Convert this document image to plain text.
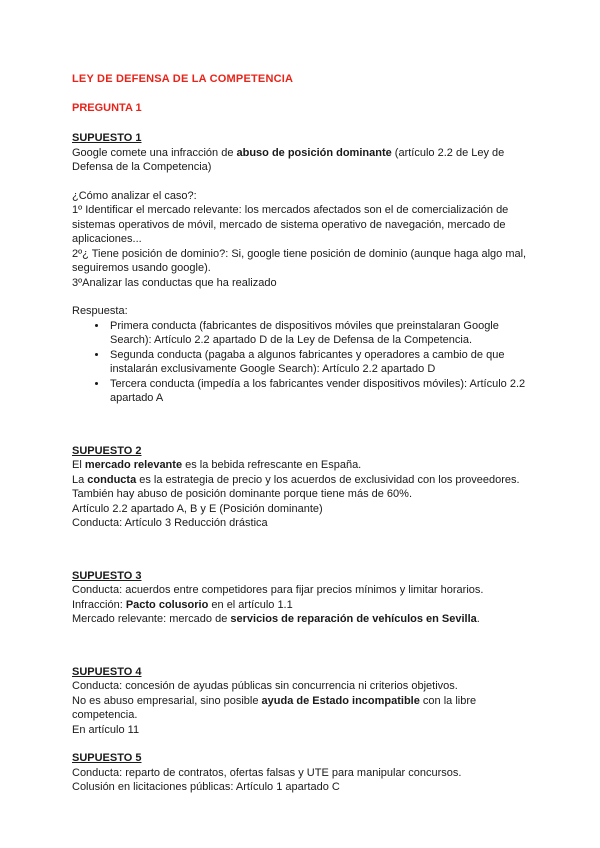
LEY DE DEFENSA DE LA COMPETENCIA
PREGUNTA 1
SUPUESTO 1

Google comete una infracción de abuso de posición dominante (artículo 2.2 de Ley de Defensa de la Competencia)

¿Cómo analizar el caso?:

1º Identificar el mercado relevante: los mercados afectados son el de comercialización de sistemas operativos de móvil, mercado de sistema operativo de navegación, mercado de aplicaciones...

2º¿ Tiene posición de dominio?: Si, google tiene posición de dominio (aunque haga algo mal, seguiremos usando google).

3ºAnalizar las conductas que ha realizado

Respuesta:

• Primera conducta (fabricantes de dispositivos móviles que preinstalaran Google Search): Artículo 2.2 apartado D de la Ley de Defensa de la Competencia.
• Segunda conducta (pagaba a algunos fabricantes y operadores a cambio de que instalarán exclusivamente Google Search): Artículo 2.2 apartado D
• Tercera conducta (impedía a los fabricantes vender dispositivos móviles): Artículo 2.2 apartado A
SUPUESTO 2

El mercado relevante es la bebida refrescante en España.

La conducta es la estrategia de precio y los acuerdos de exclusividad con los proveedores.

También hay abuso de posición dominante porque tiene más de 60%.

Artículo 2.2 apartado A, B y E (Posición dominante)

Conducta: Artículo 3 Reducción drástica

SUPUESTO 3

Conducta: acuerdos entre competidores para fijar precios mínimos y limitar horarios.

Infracción: Pacto colusorio en el artículo 1.1

Mercado relevante: mercado de servicios de reparación de vehículos en Sevilla.

SUPUESTO 4

Conducta: concesión de ayudas públicas sin concurrencia ni criterios objetivos.

No es abuso empresarial, sino posible ayuda de Estado incompatible con la libre competencia.

En artículo 11

SUPUESTO 5

Conducta: reparto de contratos, ofertas falsas y UTE para manipular concursos.

Colusión en licitaciones públicas: Artículo 1 apartado C
